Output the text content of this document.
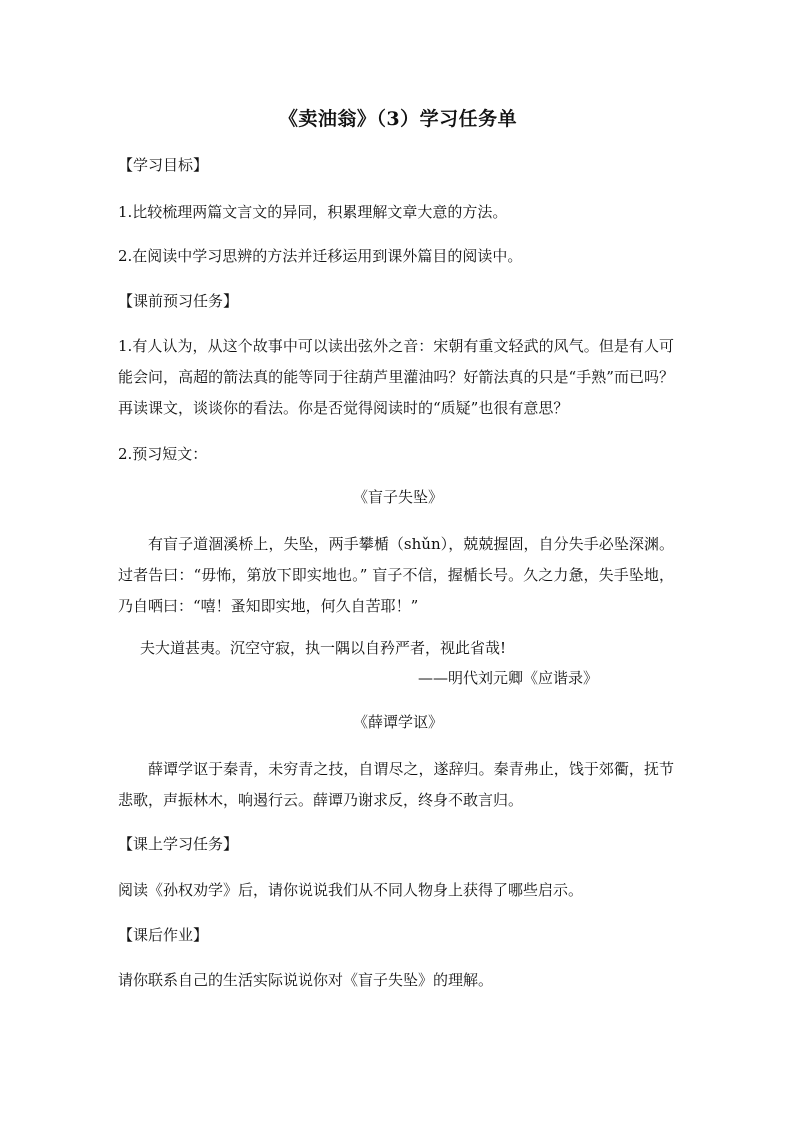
《卖油翁》（3）学习任务单
【学习目标】
1.比较梳理两篇文言文的异同，积累理解文章大意的方法。
2.在阅读中学习思辨的方法并迁移运用到课外篇目的阅读中。
【课前预习任务】
1.有人认为，从这个故事中可以读出弦外之音：宋朝有重文轻武的风气。但是有人可能会问，高超的箭法真的能等同于往葫芦里灌油吗？好箭法真的只是“手熟”而已吗？再读课文，谈谈你的看法。你是否觉得阅读时的“质疑”也很有意思？
2.预习短文：
《盲子失坠》
有盲子道涸溪桥上，失坠，两手攀楯（shǔn），兢兢握固，自分失手必坠深渊。过者告曰：“毋怖，第放下即实地也。” 盲子不信，握楯长号。久之力惫，失手坠地，乃自哂曰：“嘻！蚤知即实地，何久自苦耶！”
夫大道甚夷。沉空守寂，执一隅以自矜严者，视此省哉!
——明代刘元卿《应谐录》
《薛谭学讴》
薛谭学讴于秦青，未穷青之技，自谓尽之，遂辞归。秦青弗止，饯于郊衢，抚节悲歌，声振林木，响遏行云。薛谭乃谢求反，终身不敢言归。
【课上学习任务】
阅读《孙权劝学》后，请你说说我们从不同人物身上获得了哪些启示。
【课后作业】
请你联系自己的生活实际说说你对《盲子失坠》的理解。
